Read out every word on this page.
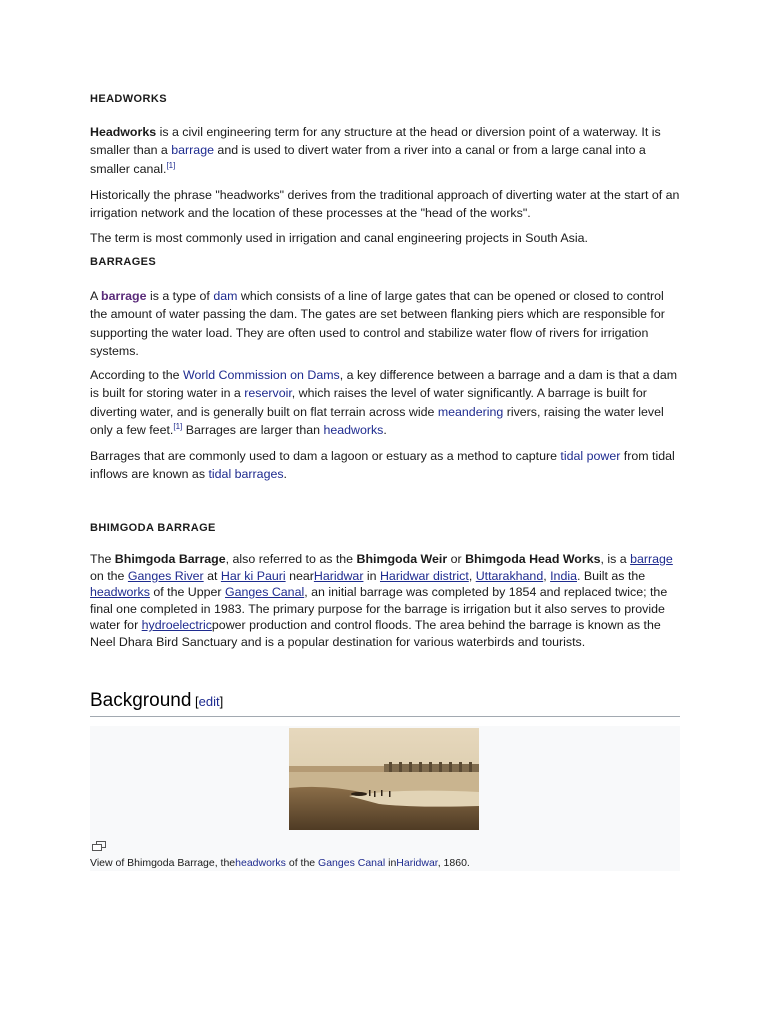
HEADWORKS

Headworks is a civil engineering term for any structure at the head or diversion point of a waterway. It is smaller than a barrage and is used to divert water from a river into a canal or from a large canal into a smaller canal.[1]

Historically the phrase "headworks" derives from the traditional approach of diverting water at the start of an irrigation network and the location of these processes at the "head of the works".

The term is most commonly used in irrigation and canal engineering projects in South Asia.

BARRAGES

A barrage is a type of dam which consists of a line of large gates that can be opened or closed to control the amount of water passing the dam. The gates are set between flanking piers which are responsible for supporting the water load. They are often used to control and stabilize water flow of rivers for irrigation systems.

According to the World Commission on Dams, a key difference between a barrage and a dam is that a dam is built for storing water in a reservoir, which raises the level of water significantly. A barrage is built for diverting water, and is generally built on flat terrain across wide meandering rivers, raising the water level only a few feet.[1] Barrages are larger than headworks.

Barrages that are commonly used to dam a lagoon or estuary as a method to capture tidal power from tidal inflows are known as tidal barrages.

BHIMGODA BARRAGE

The Bhimgoda Barrage, also referred to as the Bhimgoda Weir or Bhimgoda Head Works, is a barrage on the Ganges River at Har ki Pauri nearHaridwar in Haridwar district, Uttarakhand, India. Built as the headworks of the Upper Ganges Canal, an initial barrage was completed by 1854 and replaced twice; the final one completed in 1983. The primary purpose for the barrage is irrigation but it also serves to provide water for hydroelectricpower production and control floods. The area behind the barrage is known as the Neel Dhara Bird Sanctuary and is a popular destination for various waterbirds and tourists.

Background [edit]
View of Bhimgoda Barrage, theheadworks of the Ganges Canal inHaridwar, 1860.
